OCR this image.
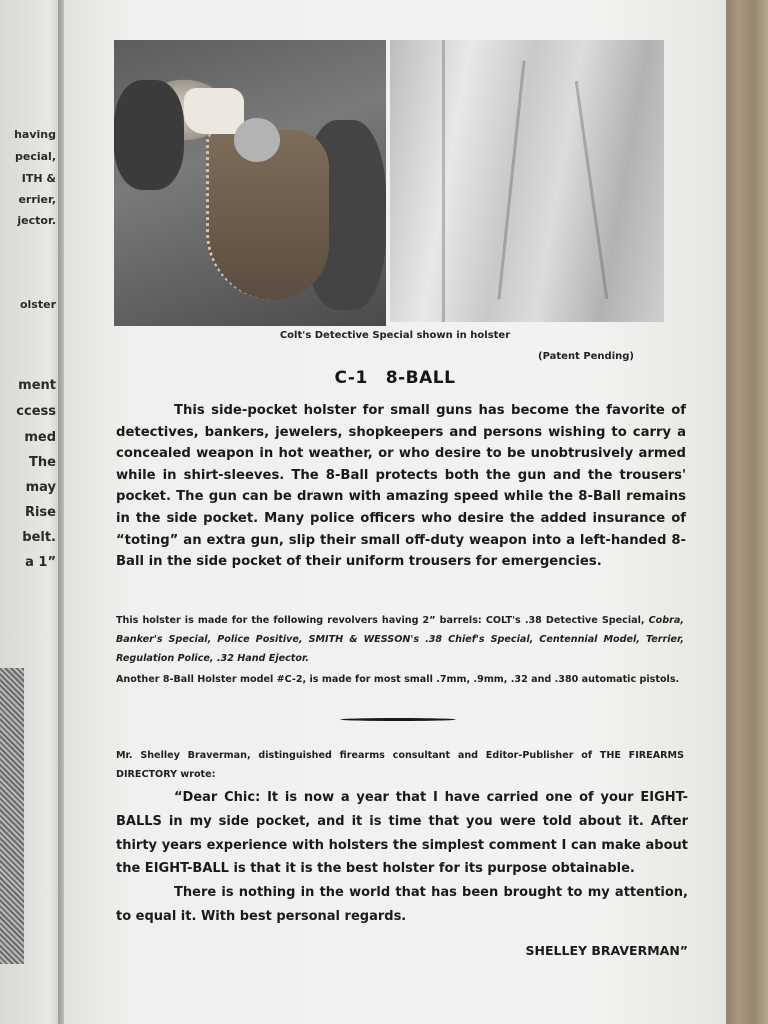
having
pecial,
ITH &
errier,
jector.
olster
ment
ccess
med
The
may
Rise
belt.
a 1”
Colt's Detective Special shown in holster
(Patent Pending)
C-1 8-BALL

This side-pocket holster for small guns has become the favorite of detectives, bankers, jewelers, shopkeepers and persons wishing to carry a concealed weapon in hot weather, or who desire to be unobtrusively armed while in shirt-sleeves. The 8-Ball protects both the gun and the trousers' pocket. The gun can be drawn with amazing speed while the 8-Ball remains in the side pocket. Many police officers who desire the added insurance of “toting” an extra gun, slip their small off-duty weapon into a left-handed 8-Ball in the side pocket of their uniform trousers for emergencies.

This holster is made for the following revolvers having 2” barrels: COLT's .38 Detective Special, Cobra, Banker's Special, Police Positive, SMITH & WESSON's .38 Chief's Special, Centennial Model, Terrier, Regulation Police, .32 Hand Ejector.
Another 8-Ball Holster model #C-2, is made for most small .7mm, .9mm, .32 and .380 automatic pistols.
Mr. Shelley Braverman, distinguished firearms consultant and Editor-Publisher of THE FIREARMS DIRECTORY wrote:

“Dear Chic: It is now a year that I have carried one of your EIGHT-BALLS in my side pocket, and it is time that you were told about it. After thirty years experience with holsters the simplest comment I can make about the EIGHT-BALL is that it is the best holster for its purpose obtainable.

There is nothing in the world that has been brought to my attention, to equal it. With best personal regards.

SHELLEY BRAVERMAN”
